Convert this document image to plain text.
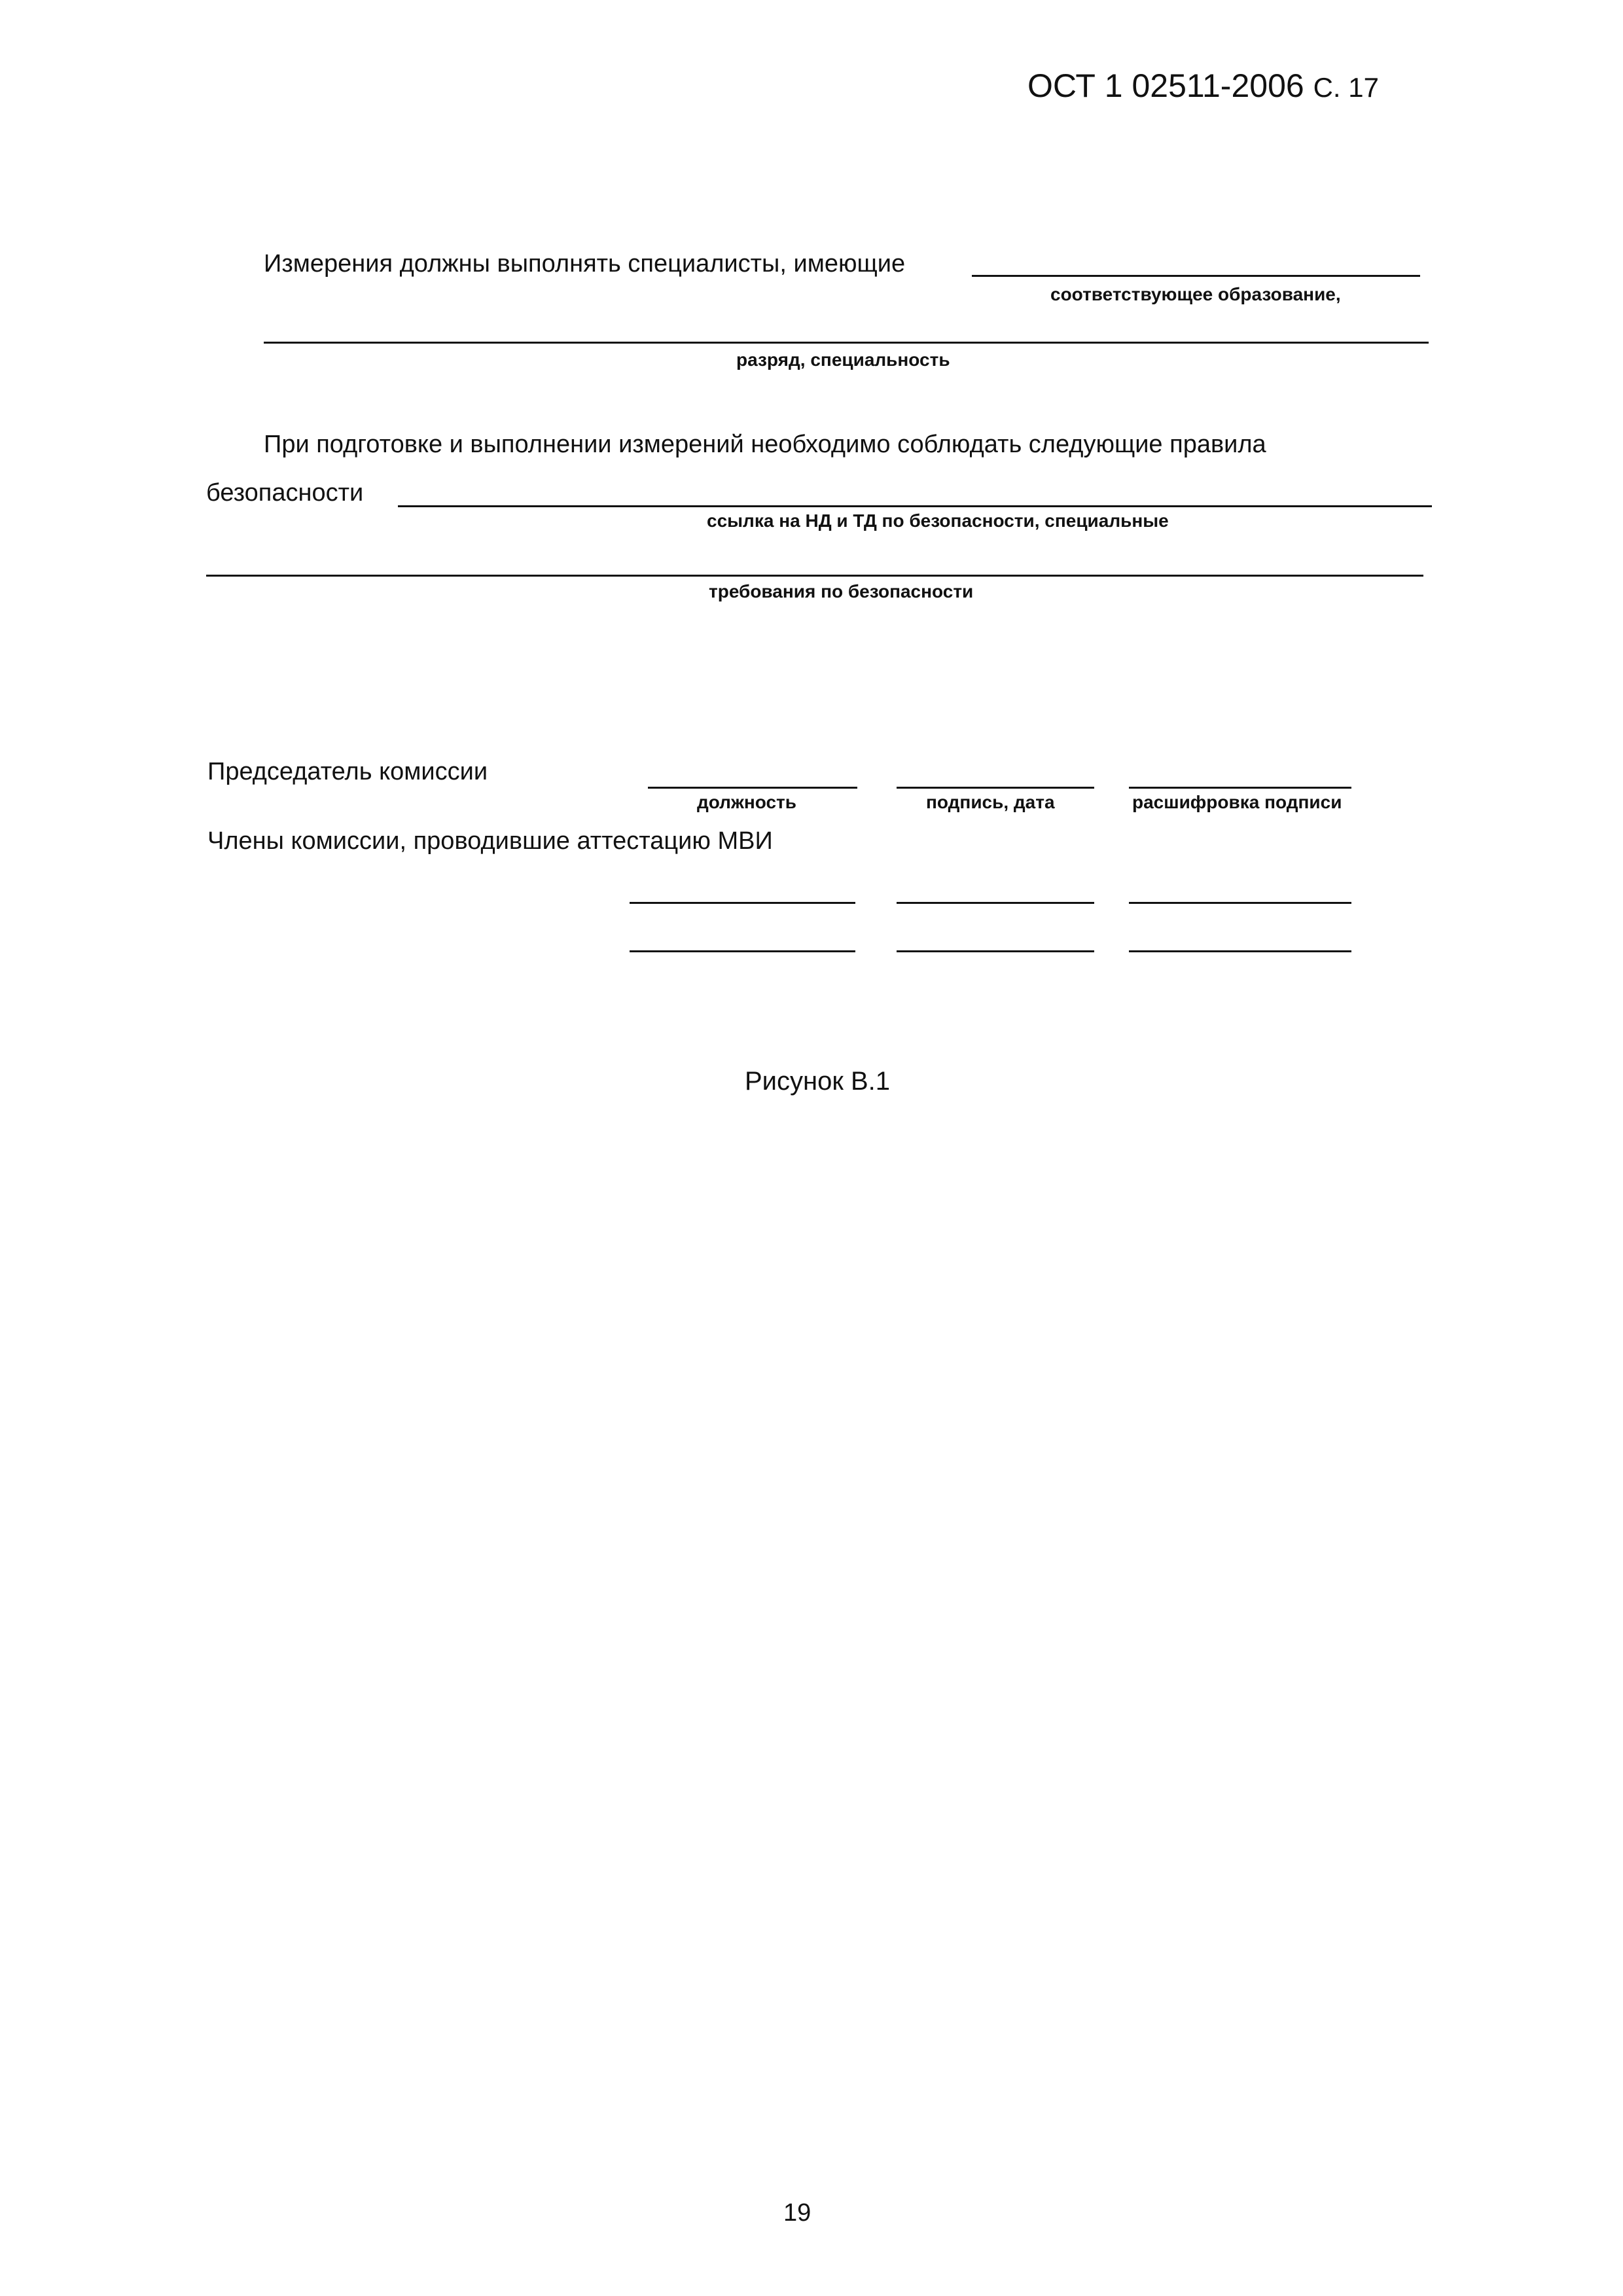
ОСТ 1 02511-2006 С. 17
Измерения должны выполнять специалисты, имеющие
соответствующее образование,
разряд, специальность
При подготовке и выполнении измерений необходимо соблюдать следующие правила
безопасности
ссылка на НД и ТД по безопасности, специальные
требования по безопасности
Председатель комиссии
должность	подпись, дата	расшифровка подписи
Члены комиссии, проводившие аттестацию МВИ
Рисунок В.1
19
